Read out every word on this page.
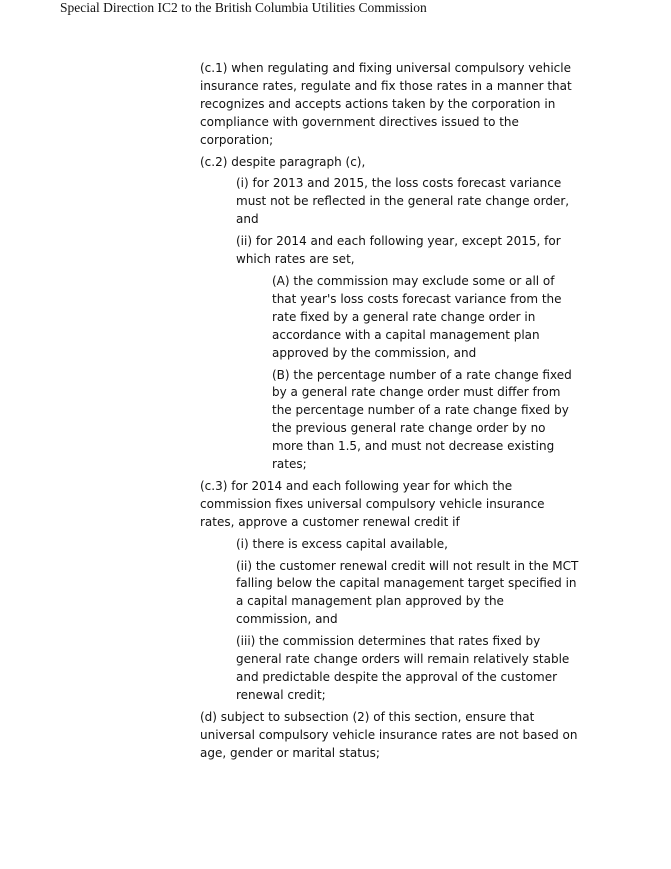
Special Direction IC2 to the British Columbia Utilities Commission

(c.1) when regulating and fixing universal compulsory vehicle insurance rates, regulate and fix those rates in a manner that recognizes and accepts actions taken by the corporation in compliance with government directives issued to the corporation;

(c.2) despite paragraph (c),

(i) for 2013 and 2015, the loss costs forecast variance must not be reflected in the general rate change order, and

(ii) for 2014 and each following year, except 2015, for which rates are set,

(A) the commission may exclude some or all of that year's loss costs forecast variance from the rate fixed by a general rate change order in accordance with a capital management plan approved by the commission, and

(B) the percentage number of a rate change fixed by a general rate change order must differ from the percentage number of a rate change fixed by the previous general rate change order by no more than 1.5, and must not decrease existing rates;

(c.3) for 2014 and each following year for which the commission fixes universal compulsory vehicle insurance rates, approve a customer renewal credit if

(i) there is excess capital available,

(ii) the customer renewal credit will not result in the MCT falling below the capital management target specified in a capital management plan approved by the commission, and

(iii) the commission determines that rates fixed by general rate change orders will remain relatively stable and predictable despite the approval of the customer renewal credit;

(d) subject to subsection (2) of this section, ensure that universal compulsory vehicle insurance rates are not based on age, gender or marital status;
